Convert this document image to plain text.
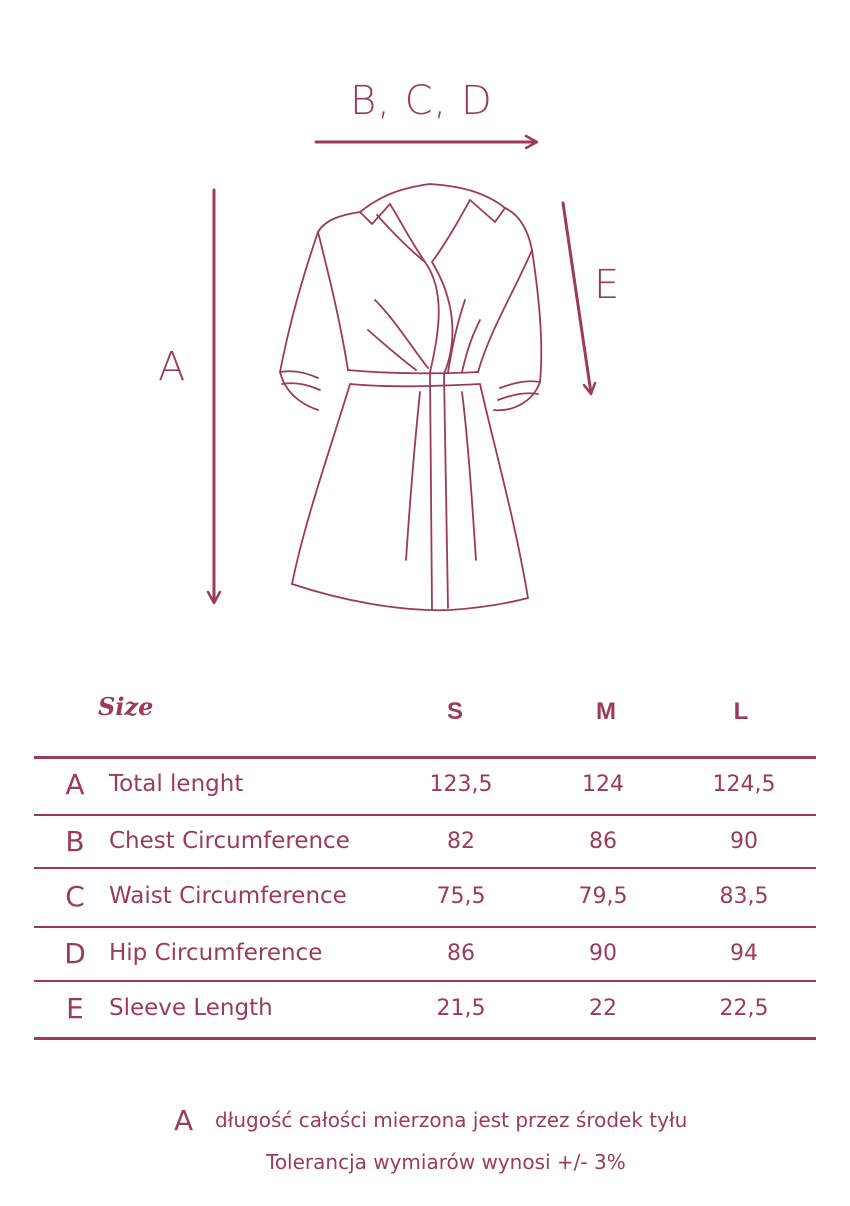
B, C, D
A
E
Size	S	M	L
A	Total lenght	123,5	124	124,5
B	Chest Circumference	82	86	90
C	Waist Circumference	75,5	79,5	83,5
D	Hip Circumference	86	90	94
E	Sleeve Length	21,5	22	22,5
A długość całości mierzona jest przez środek tyłu
Tolerancja wymiarów wynosi +/- 3%
